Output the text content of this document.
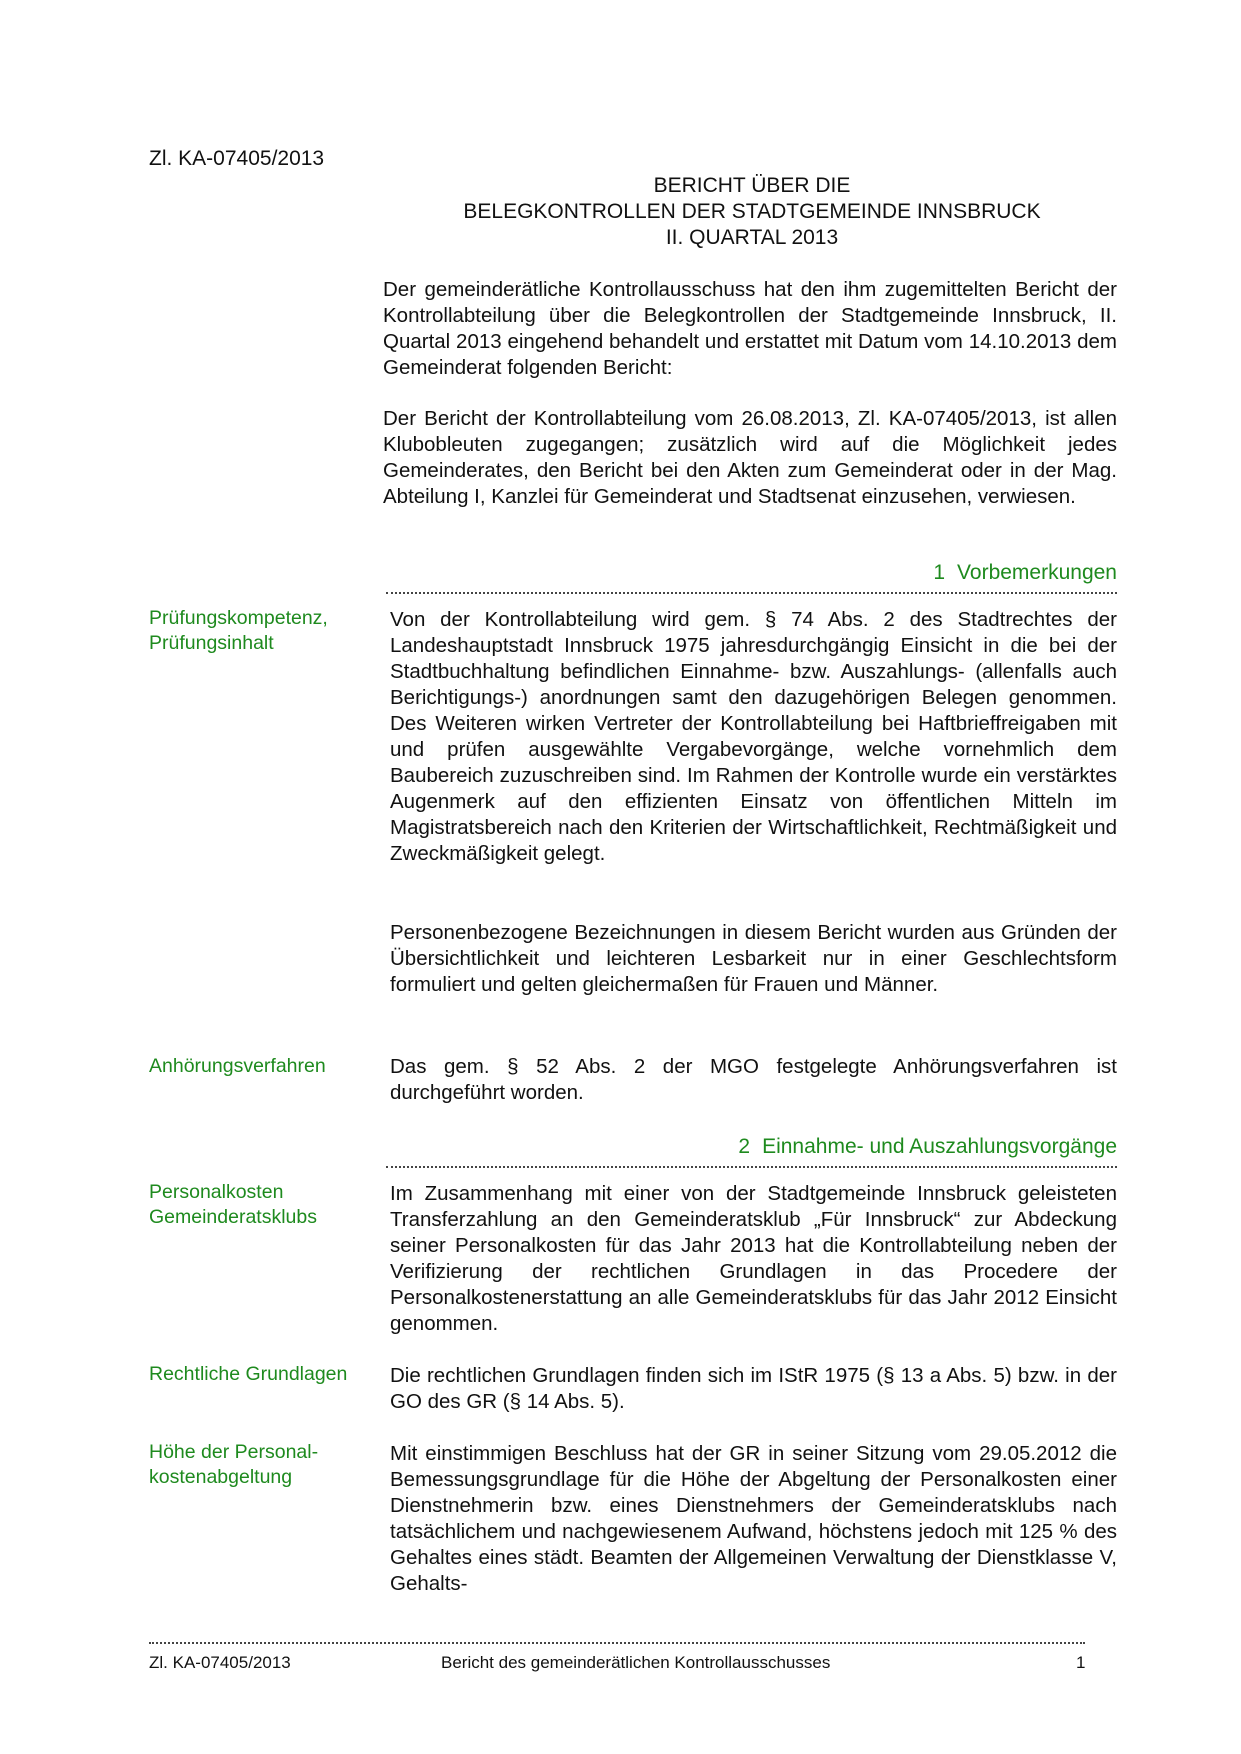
Zl. KA-07405/2013
BERICHT ÜBER DIE
BELEGKONTROLLEN DER STADTGEMEINDE INNSBRUCK
II. QUARTAL 2013

Der gemeinderätliche Kontrollausschuss hat den ihm zugemittelten Bericht der Kontrollabteilung über die Belegkontrollen der Stadtgemeinde Innsbruck, II. Quartal 2013 eingehend behandelt und erstattet mit Datum vom 14.10.2013 dem Gemeinderat folgenden Bericht:

Der Bericht der Kontrollabteilung vom 26.08.2013, Zl. KA-07405/2013, ist allen Klubobleuten zugegangen; zusätzlich wird auf die Möglichkeit jedes Gemeinderates, den Bericht bei den Akten zum Gemeinderat oder in der Mag. Abteilung I, Kanzlei für Gemeinderat und Stadtsenat einzusehen, verwiesen.

1 Vorbemerkungen
Prüfungskompetenz, Prüfungsinhalt

Von der Kontrollabteilung wird gem. § 74 Abs. 2 des Stadtrechtes der Landeshauptstadt Innsbruck 1975 jahresdurchgängig Einsicht in die bei der Stadtbuchhaltung befindlichen Einnahme- bzw. Auszahlungs- (allenfalls auch Berichtigungs-) anordnungen samt den dazugehörigen Belegen genommen. Des Weiteren wirken Vertreter der Kontrollabteilung bei Haftbrieffreigaben mit und prüfen ausgewählte Vergabevorgänge, welche vornehmlich dem Baubereich zuzuschreiben sind. Im Rahmen der Kontrolle wurde ein verstärktes Augenmerk auf den effizienten Einsatz von öffentlichen Mitteln im Magistratsbereich nach den Kriterien der Wirtschaftlichkeit, Rechtmäßigkeit und Zweckmäßigkeit gelegt.

Personenbezogene Bezeichnungen in diesem Bericht wurden aus Gründen der Übersichtlichkeit und leichteren Lesbarkeit nur in einer Geschlechtsform formuliert und gelten gleichermaßen für Frauen und Männer.

Anhörungsverfahren	Das gem. § 52 Abs. 2 der MGO festgelegte Anhörungsverfahren ist durchgeführt worden.

2 Einnahme- und Auszahlungsvorgänge
Personalkosten Gemeinderatsklubs

Im Zusammenhang mit einer von der Stadtgemeinde Innsbruck geleisteten Transferzahlung an den Gemeinderatsklub „Für Innsbruck“ zur Abdeckung seiner Personalkosten für das Jahr 2013 hat die Kontrollabteilung neben der Verifizierung der rechtlichen Grundlagen in das Procedere der Personalkostenerstattung an alle Gemeinderatsklubs für das Jahr 2012 Einsicht genommen.

Rechtliche Grundlagen	Die rechtlichen Grundlagen finden sich im IStR 1975 (§ 13 a Abs. 5) bzw. in der GO des GR (§ 14 Abs. 5).

Höhe der Personal-kostenabgeltung

Mit einstimmigen Beschluss hat der GR in seiner Sitzung vom 29.05.2012 die Bemessungsgrundlage für die Höhe der Abgeltung der Personalkosten einer Dienstnehmerin bzw. eines Dienstnehmers der Gemeinderatsklubs nach tatsächlichem und nachgewiesenem Aufwand, höchstens jedoch mit 125 % des Gehaltes eines städt. Beamten der Allgemeinen Verwaltung der Dienstklasse V, Gehalts-

Zl. KA-07405/2013	Bericht des gemeinderätlichen Kontrollausschusses	1
